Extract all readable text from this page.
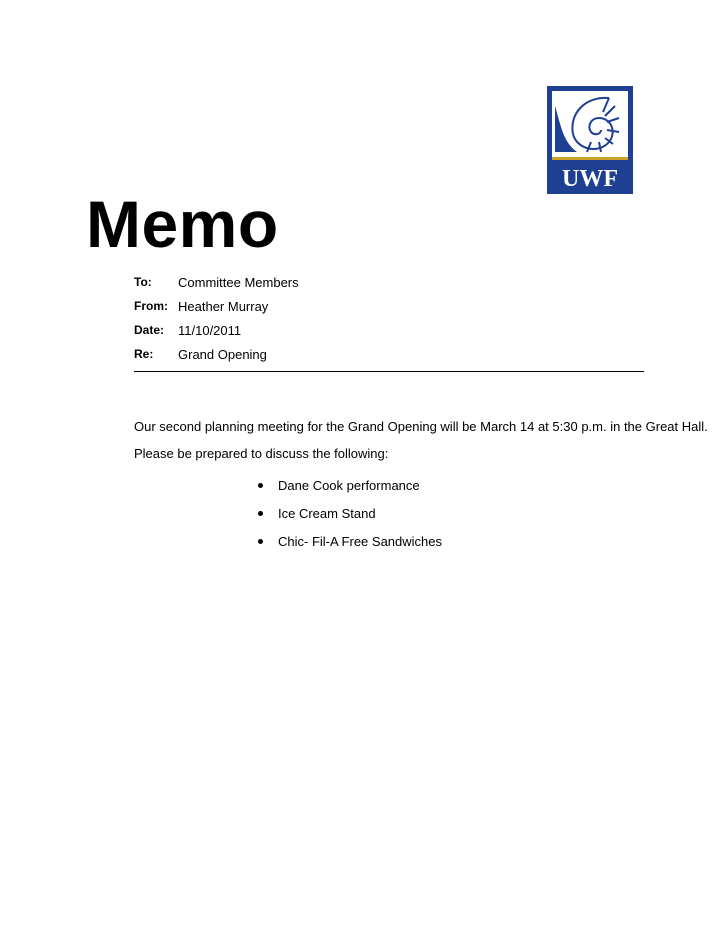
UWF
Memo
To:	Committee Members
From: Heather Murray
Date:	11/10/2011
Re:	Grand Opening
Our second planning meeting for the Grand Opening will be March 14 at 5:30 p.m. in the Great Hall.
Please be prepared to discuss the following:
Dane Cook performance
Ice Cream Stand
Chic- Fil-A Free Sandwiches
